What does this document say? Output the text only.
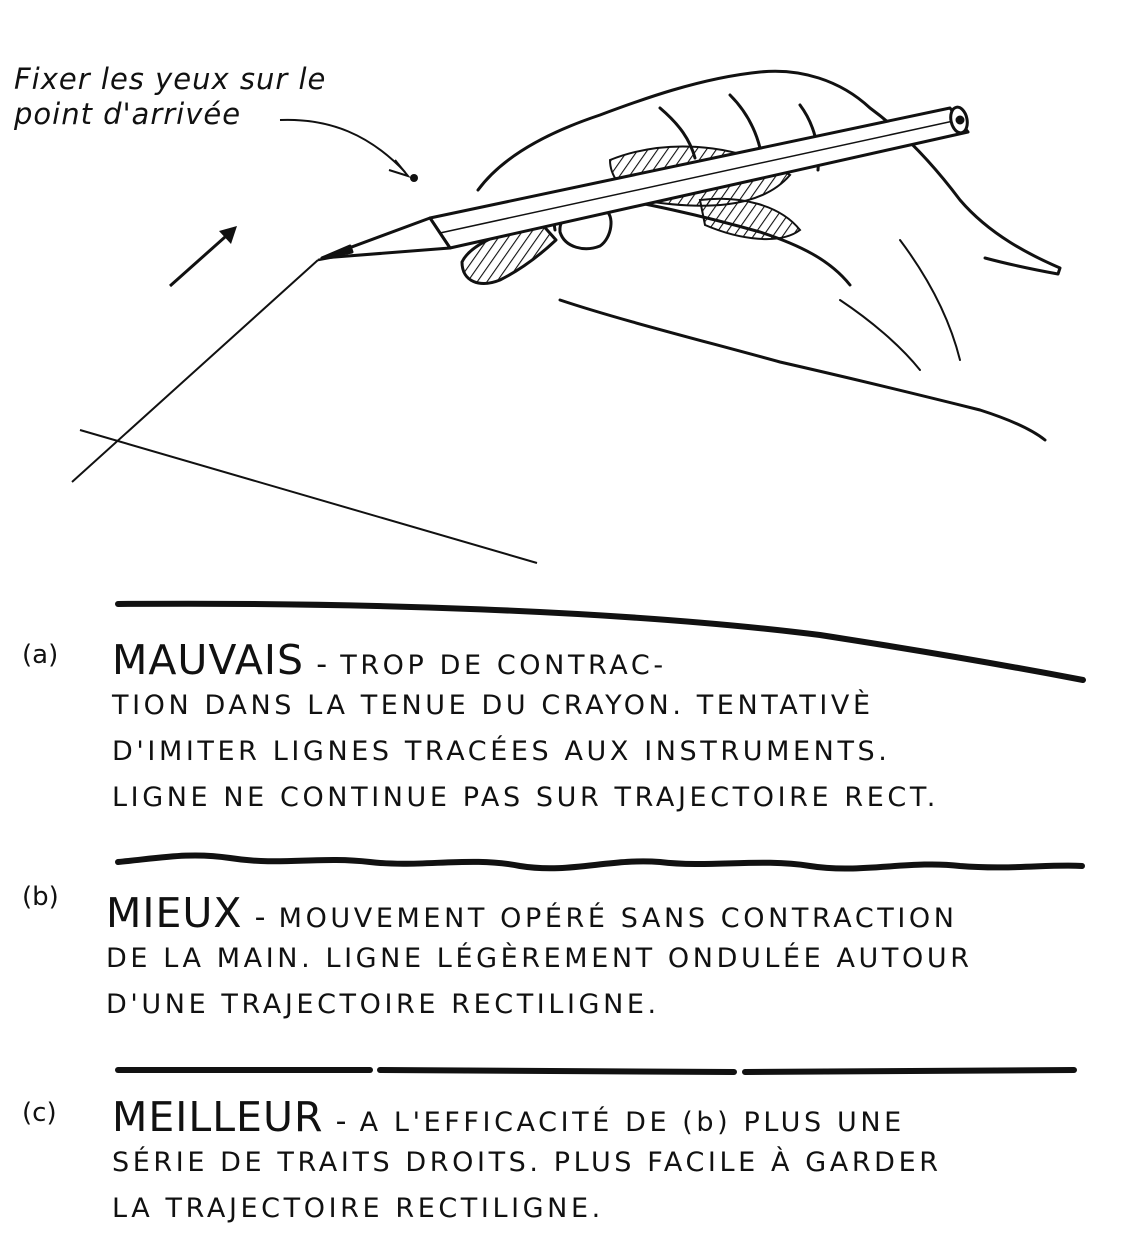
Fixer les yeux sur le
point d'arrivée
(a) MAUVAIS - TROP DE CONTRAC-
TION DANS LA TENUE DU CRAYON. TENTATIVÈ
D'IMITER LIGNES TRACÉES AUX INSTRUMENTS.
LIGNE NE CONTINUE PAS SUR TRAJECTOIRE RECT.
(b) MIEUX - MOUVEMENT OPÉRÉ SANS CONTRACTION
DE LA MAIN. LIGNE LÉGÈREMENT ONDULÉE AUTOUR
D'UNE TRAJECTOIRE RECTILIGNE.
(c) MEILLEUR - A L'EFFICACITÉ DE (b) PLUS UNE
SÉRIE DE TRAITS DROITS. PLUS FACILE À GARDER
LA TRAJECTOIRE RECTILIGNE.
